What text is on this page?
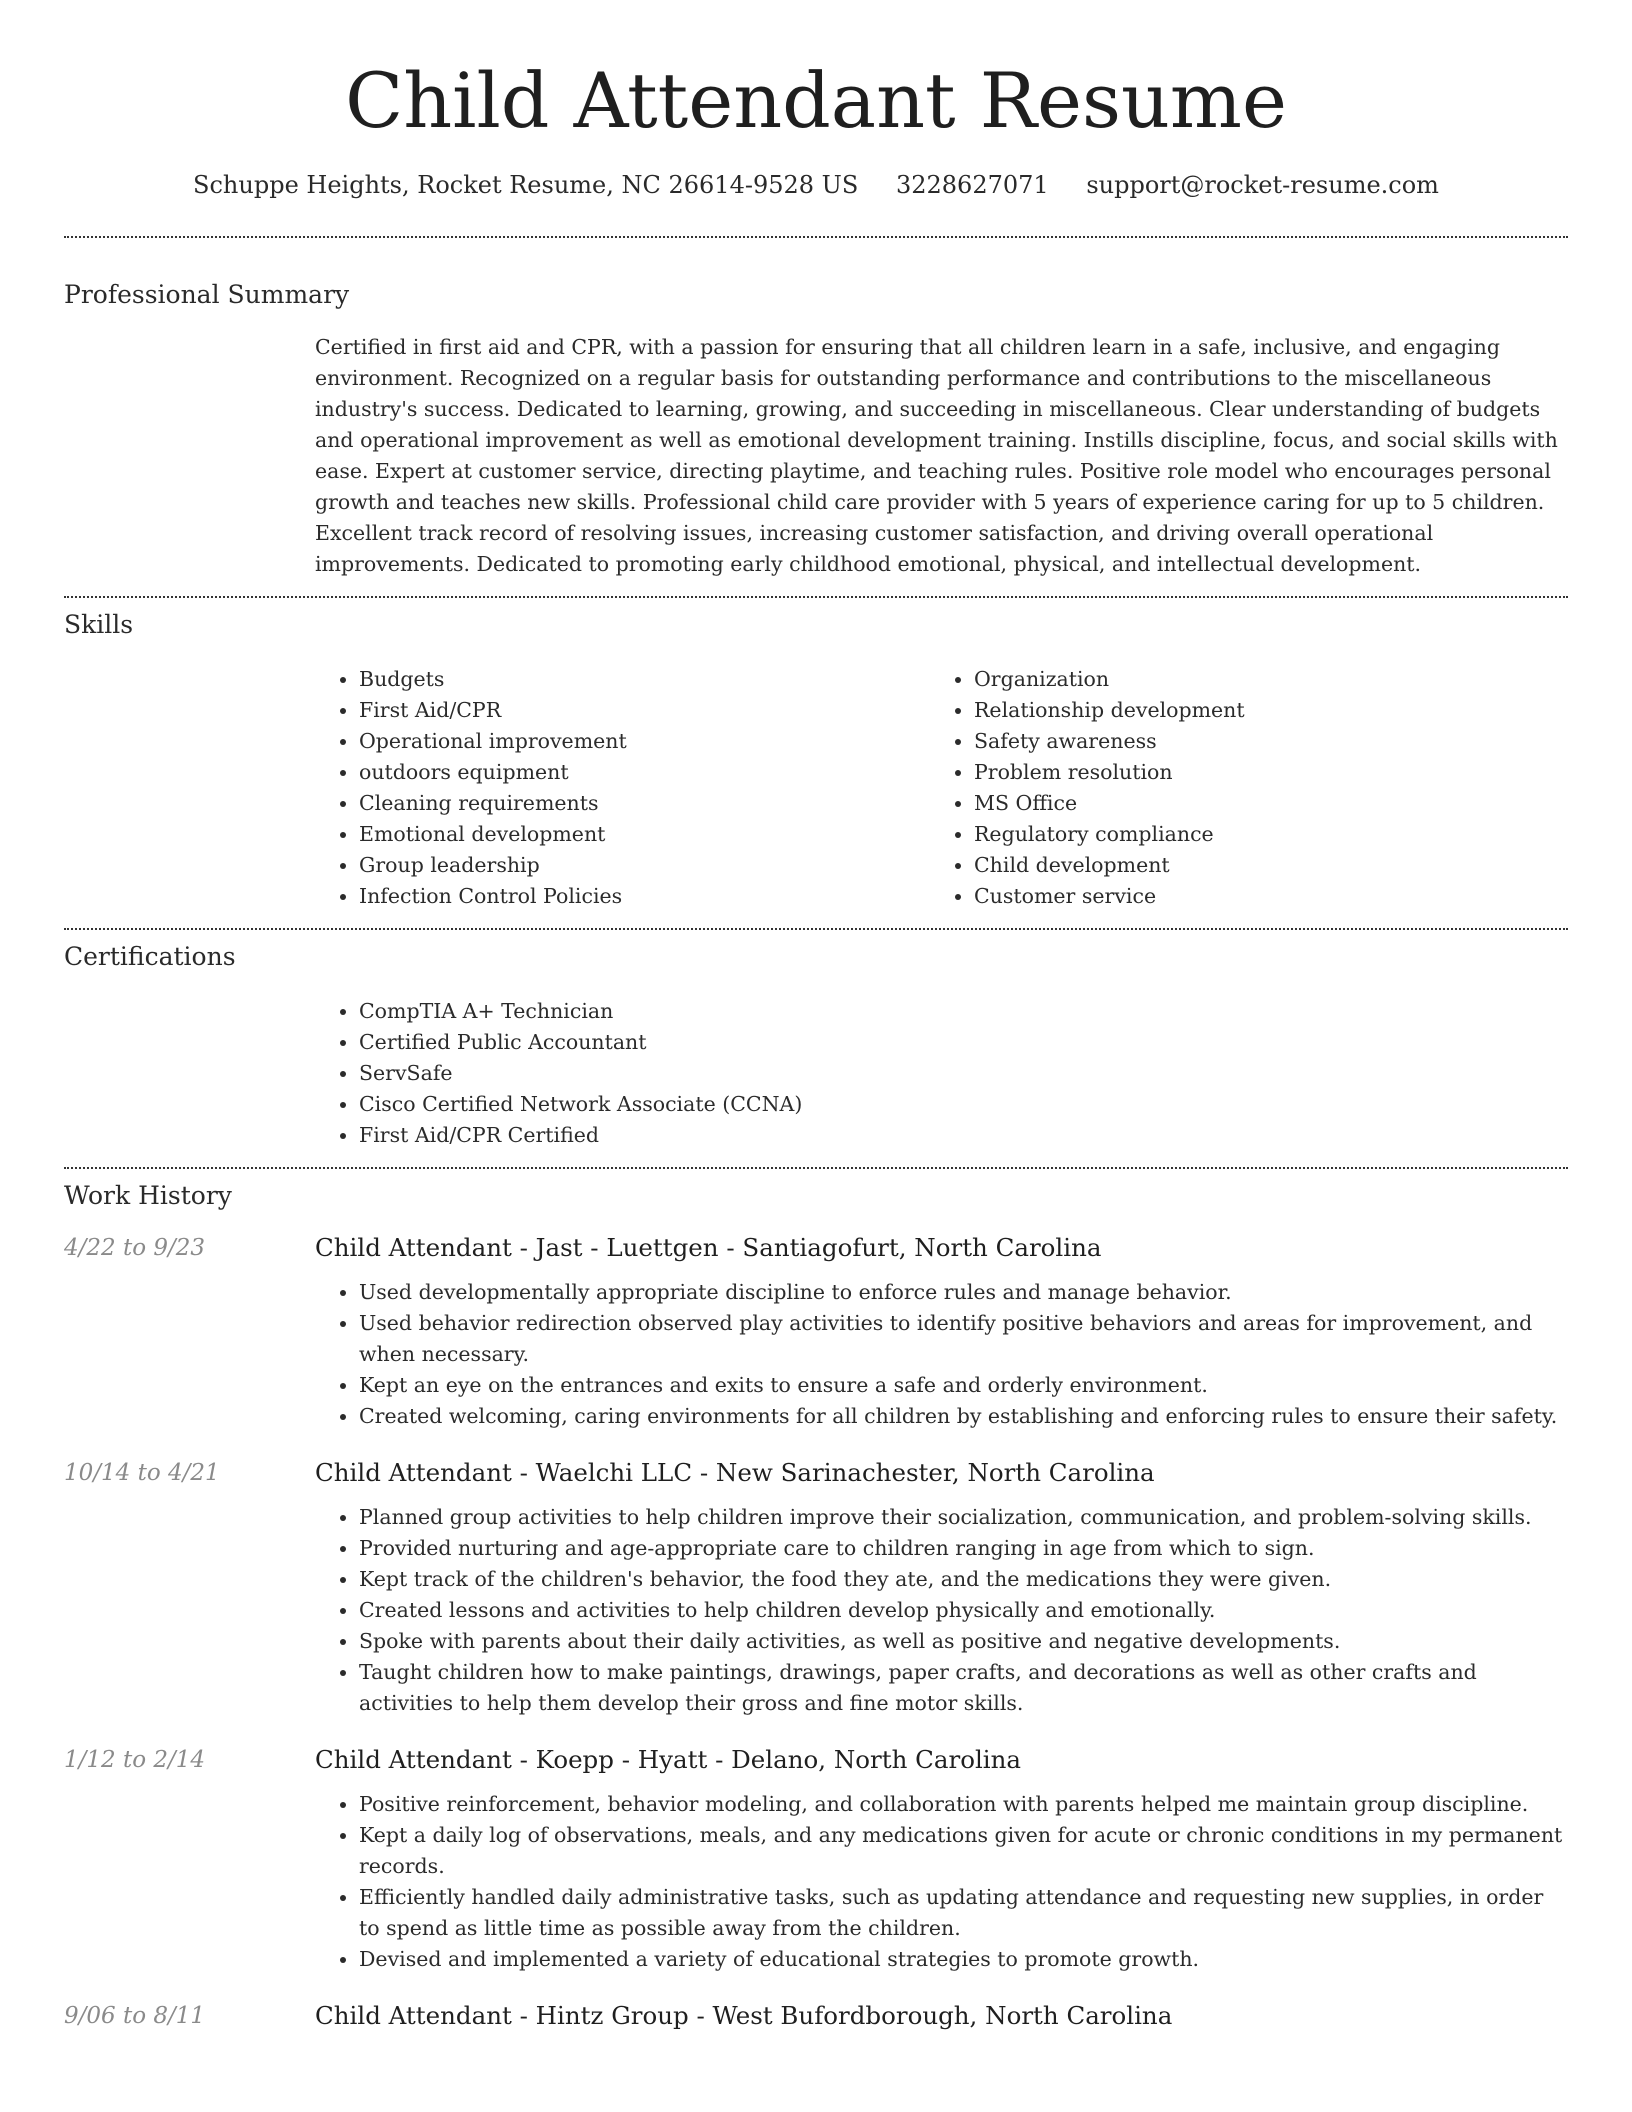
Child Attendant Resume
Schuppe Heights, Rocket Resume, NC 26614-9528 US 3228627071 support@rocket-resume.com
Professional Summary

Certified in first aid and CPR, with a passion for ensuring that all children learn in a safe, inclusive, and engaging environment. Recognized on a regular basis for outstanding performance and contributions to the miscellaneous industry's success. Dedicated to learning, growing, and succeeding in miscellaneous. Clear understanding of budgets and operational improvement as well as emotional development training. Instills discipline, focus, and social skills with ease. Expert at customer service, directing playtime, and teaching rules. Positive role model who encourages personal growth and teaches new skills. Professional child care provider with 5 years of experience caring for up to 5 children. Excellent track record of resolving issues, increasing customer satisfaction, and driving overall operational improvements. Dedicated to promoting early childhood emotional, physical, and intellectual development.

Skills
• Budgets
• First Aid/CPR
• Operational improvement
• outdoors equipment
• Cleaning requirements
• Emotional development
• Group leadership
• Infection Control Policies
• Organization
• Relationship development
• Safety awareness
• Problem resolution
• MS Office
• Regulatory compliance
• Child development
• Customer service
Certifications
• CompTIA A+ Technician
• Certified Public Accountant
• ServSafe
• Cisco Certified Network Associate (CCNA)
• First Aid/CPR Certified
Work History
4/22 to 9/23	Child Attendant - Jast - Luettgen - Santiagofurt, North Carolina
• Used developmentally appropriate discipline to enforce rules and manage behavior.
• Used behavior redirection observed play activities to identify positive behaviors and areas for improvement, and when necessary.
• Kept an eye on the entrances and exits to ensure a safe and orderly environment.
• Created welcoming, caring environments for all children by establishing and enforcing rules to ensure their safety.
10/14 to 4/21	Child Attendant - Waelchi LLC - New Sarinachester, North Carolina
• Planned group activities to help children improve their socialization, communication, and problem-solving skills.
• Provided nurturing and age-appropriate care to children ranging in age from which to sign.
• Kept track of the children's behavior, the food they ate, and the medications they were given.
• Created lessons and activities to help children develop physically and emotionally.
• Spoke with parents about their daily activities, as well as positive and negative developments.
• Taught children how to make paintings, drawings, paper crafts, and decorations as well as other crafts and activities to help them develop their gross and fine motor skills.
1/12 to 2/14	Child Attendant - Koepp - Hyatt - Delano, North Carolina
• Positive reinforcement, behavior modeling, and collaboration with parents helped me maintain group discipline.
• Kept a daily log of observations, meals, and any medications given for acute or chronic conditions in my permanent records.
• Efficiently handled daily administrative tasks, such as updating attendance and requesting new supplies, in order to spend as little time as possible away from the children.
• Devised and implemented a variety of educational strategies to promote growth.
9/06 to 8/11	Child Attendant - Hintz Group - West Bufordborough, North Carolina
